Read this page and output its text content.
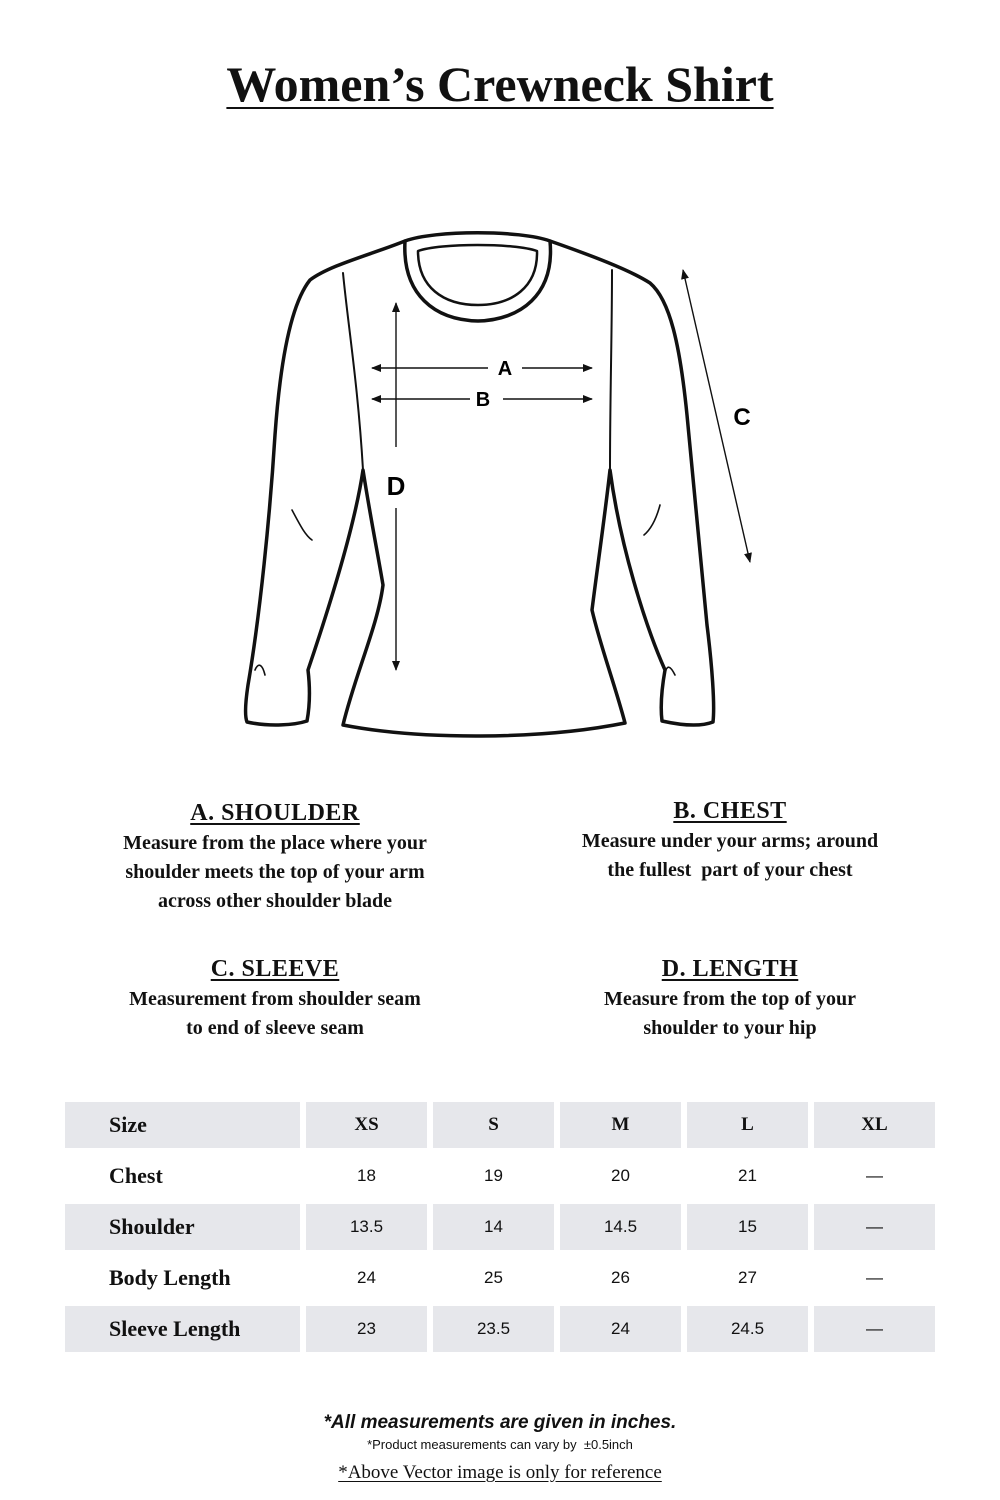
Women’s Crewneck Shirt
A
B
C
D
A. SHOULDER
Measure from the place where your
shoulder meets the top of your arm
across other shoulder blade
B. CHEST
Measure under your arms; around
the fullest  part of your chest
C. SLEEVE
Measurement from shoulder seam
to end of sleeve seam
D. LENGTH
Measure from the top of your
shoulder to your hip
Size	XS	S	M	L	XL
Chest	18	19	20	21	—
Shoulder	13.5	14	14.5	15	—
Body Length	24	25	26	27	—
Sleeve Length	23	23.5	24	24.5	—
*All measurements are given in inches.
*Product measurements can vary by  ±0.5inch
*Above Vector image is only for reference
